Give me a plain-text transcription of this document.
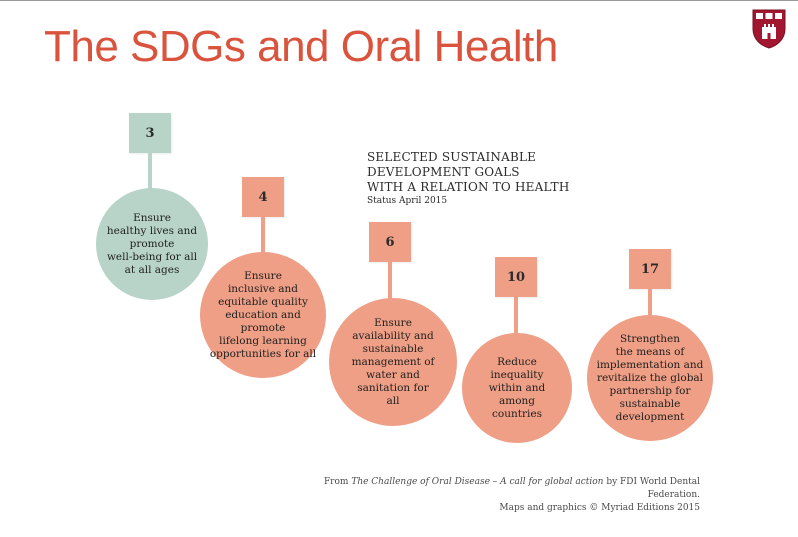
The SDGs and Oral Health
3
Ensure
healthy lives and
promote
well-being for all
at all ages
4
Ensure
inclusive and
equitable quality
education and promote
lifelong learning
opportunities for all
6
Ensure
availability and
sustainable
management of
water and
sanitation for
all
10
Reduce
inequality
within and
among
countries
17
Strengthen
the means of
implementation and
revitalize the global
partnership for
sustainable
development
SELECTED SUSTAINABLE
DEVELOPMENT GOALS
WITH A RELATION TO HEALTH
Status April 2015
From The Challenge of Oral Disease – A call for global action by FDI World Dental Federation.
Maps and graphics © Myriad Editions 2015
